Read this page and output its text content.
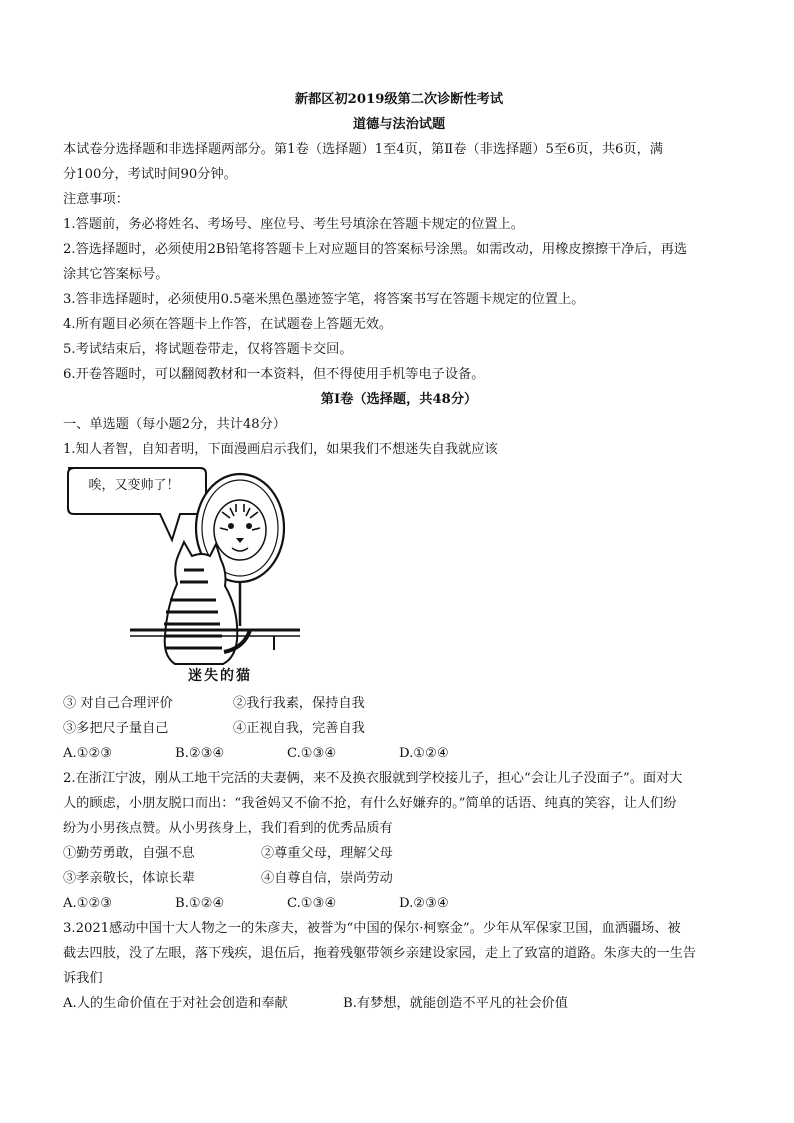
新都区初2019级第二次诊断性考试
道德与法治试题
本试卷分选择题和非选择题两部分。第1卷（选择题）1至4页，第Ⅱ卷（非选择题）5至6页，共6页，满
分100分，考试时间90分钟。
注意事项：
1.答题前，务必将姓名、考场号、座位号、考生号填涂在答题卡规定的位置上。
2.答选择题时，必须使用2B铅笔将答题卡上对应题目的答案标号涂黑。如需改动，用橡皮擦擦干净后，再选
涂其它答案标号。
3.答非选择题时，必须使用0.5毫米黑色墨迹签字笔，将答案书写在答题卡规定的位置上。
4.所有题目必须在答题卡上作答，在试题卷上答题无效。
5.考试结束后，将试题卷带走，仅将答题卡交回。
6.开卷答题时，可以翻阅教材和一本资料，但不得使用手机等电子设备。
第Ⅰ卷（选择题，共48分）
一、单选题（每小题2分，共计48分）
1.知人者智，自知者明，下面漫画启示我们，如果我们不想迷失自我就应该
唉，又变帅了！
迷失的猫
③ 对自己合理评价	②我行我素，保持自我
③多把尺子量自己	④正视自我，完善自我
A.①②③	B.②③④	C.①③④	D.①②④
2.在浙江宁波，刚从工地干完活的夫妻俩，来不及换衣服就到学校接儿子，担心“会让儿子没面子”。面对大
人的顾虑，小朋友脱口而出：“我爸妈又不偷不抢，有什么好嫌弃的。”简单的话语、纯真的笑容，让人们纷
纷为小男孩点赞。从小男孩身上，我们看到的优秀品质有
①勤劳勇敢，自强不息	②尊重父母，理解父母
③孝亲敬长，体谅长辈	④自尊自信，崇尚劳动
A.①②③	B.①②④	C.①③④	D.②③④
3.2021感动中国十大人物之一的朱彦夫，被誉为“中国的保尔·柯察金”。少年从军保家卫国，血洒疆场、被
截去四肢，没了左眼，落下残疾，退伍后，拖着残躯带领乡亲建设家园，走上了致富的道路。朱彦夫的一生告
诉我们
A.人的生命价值在于对社会创造和奉献	B.有梦想，就能创造不平凡的社会价值
